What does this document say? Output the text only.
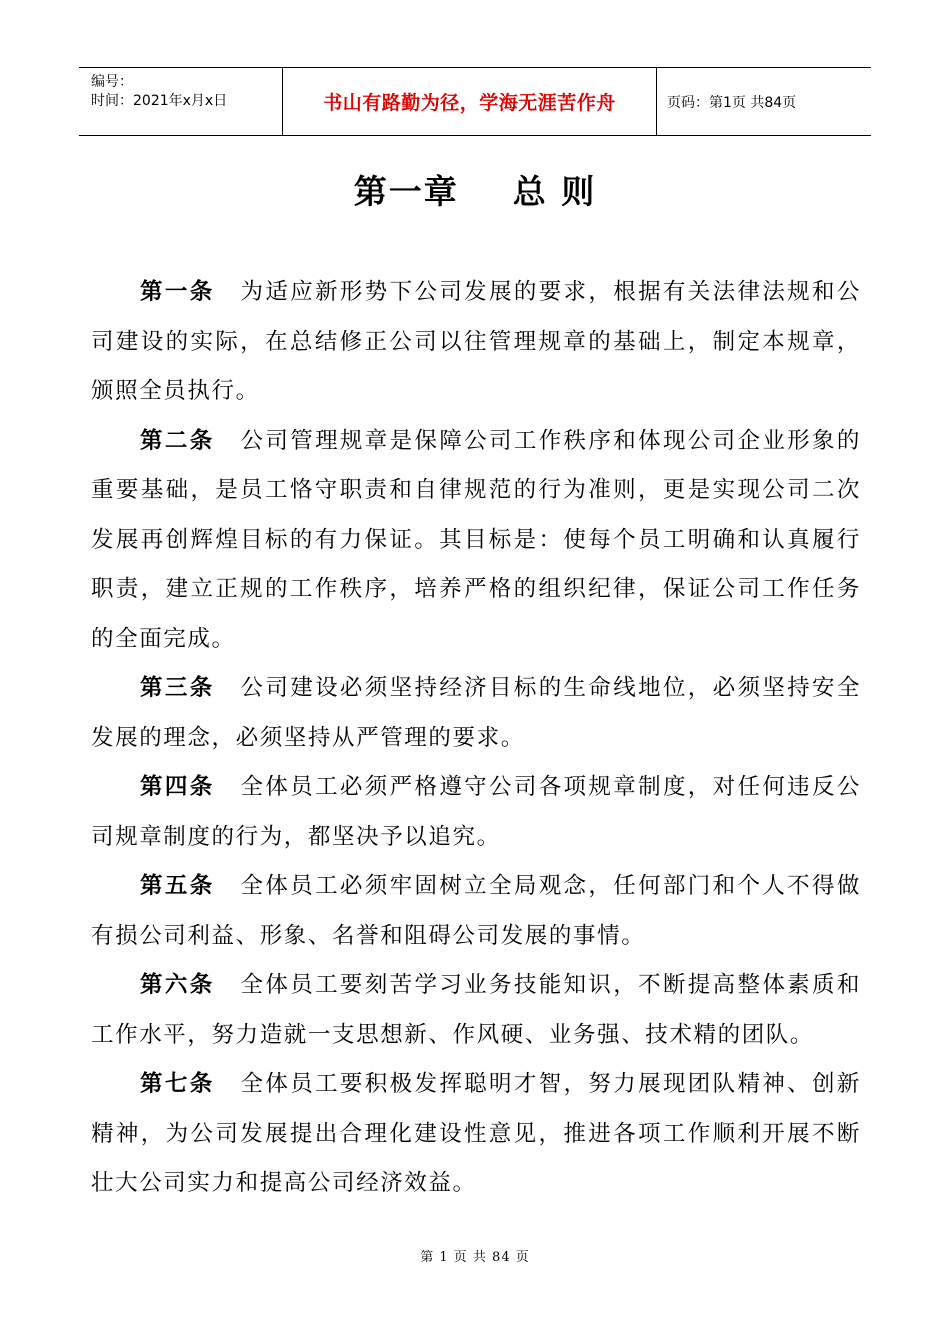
编号：
时间：2021年x月x日	书山有路勤为径，学海无涯苦作舟	页码：第1页 共84页
第一章    总 则

第一条 为适应新形势下公司发展的要求，根据有关法律法规和公司建设的实际，在总结修正公司以往管理规章的基础上，制定本规章，颁照全员执行。

第二条 公司管理规章是保障公司工作秩序和体现公司企业形象的重要基础，是员工恪守职责和自律规范的行为准则，更是实现公司二次发展再创辉煌目标的有力保证。其目标是：使每个员工明确和认真履行职责，建立正规的工作秩序，培养严格的组织纪律，保证公司工作任务的全面完成。

第三条 公司建设必须坚持经济目标的生命线地位，必须坚持安全发展的理念，必须坚持从严管理的要求。

第四条 全体员工必须严格遵守公司各项规章制度，对任何违反公司规章制度的行为，都坚决予以追究。

第五条 全体员工必须牢固树立全局观念，任何部门和个人不得做有损公司利益、形象、名誉和阻碍公司发展的事情。

第六条 全体员工要刻苦学习业务技能知识，不断提高整体素质和工作水平，努力造就一支思想新、作风硬、业务强、技术精的团队。

第七条 全体员工要积极发挥聪明才智，努力展现团队精神、创新精神，为公司发展提出合理化建设性意见，推进各项工作顺利开展不断壮大公司实力和提高公司经济效益。

第 1 页 共 84 页
